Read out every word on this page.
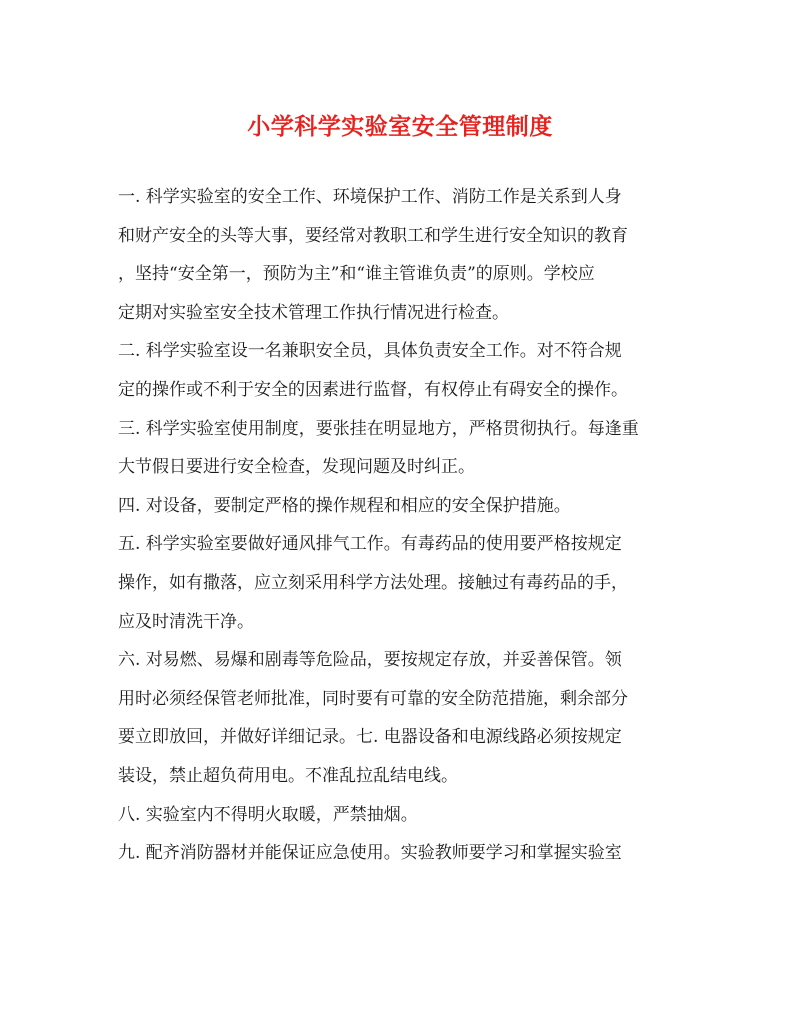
小学科学实验室安全管理制度
一. 科学实验室的安全工作、环境保护工作、消防工作是关系到人身
和财产安全的头等大事，要经常对教职工和学生进行安全知识的教育
，坚持“安全第一，预防为主”和“谁主管谁负责”的原则。学校应
定期对实验室安全技术管理工作执行情况进行检查。
二. 科学实验室设一名兼职安全员，具体负责安全工作。对不符合规
定的操作或不利于安全的因素进行监督，有权停止有碍安全的操作。
三. 科学实验室使用制度，要张挂在明显地方，严格贯彻执行。每逢重
大节假日要进行安全检查，发现问题及时纠正。
四. 对设备，要制定严格的操作规程和相应的安全保护措施。
五. 科学实验室要做好通风排气工作。有毒药品的使用要严格按规定
操作，如有撒落，应立刻采用科学方法处理。接触过有毒药品的手，
应及时清洗干净。
六. 对易燃、易爆和剧毒等危险品，要按规定存放，并妥善保管。领
用时必须经保管老师批准，同时要有可靠的安全防范措施，剩余部分
要立即放回，并做好详细记录。七. 电器设备和电源线路必须按规定
装设，禁止超负荷用电。不准乱拉乱结电线。
八. 实验室内不得明火取暖，严禁抽烟。
九. 配齐消防器材并能保证应急使用。实验教师要学习和掌握实验室
